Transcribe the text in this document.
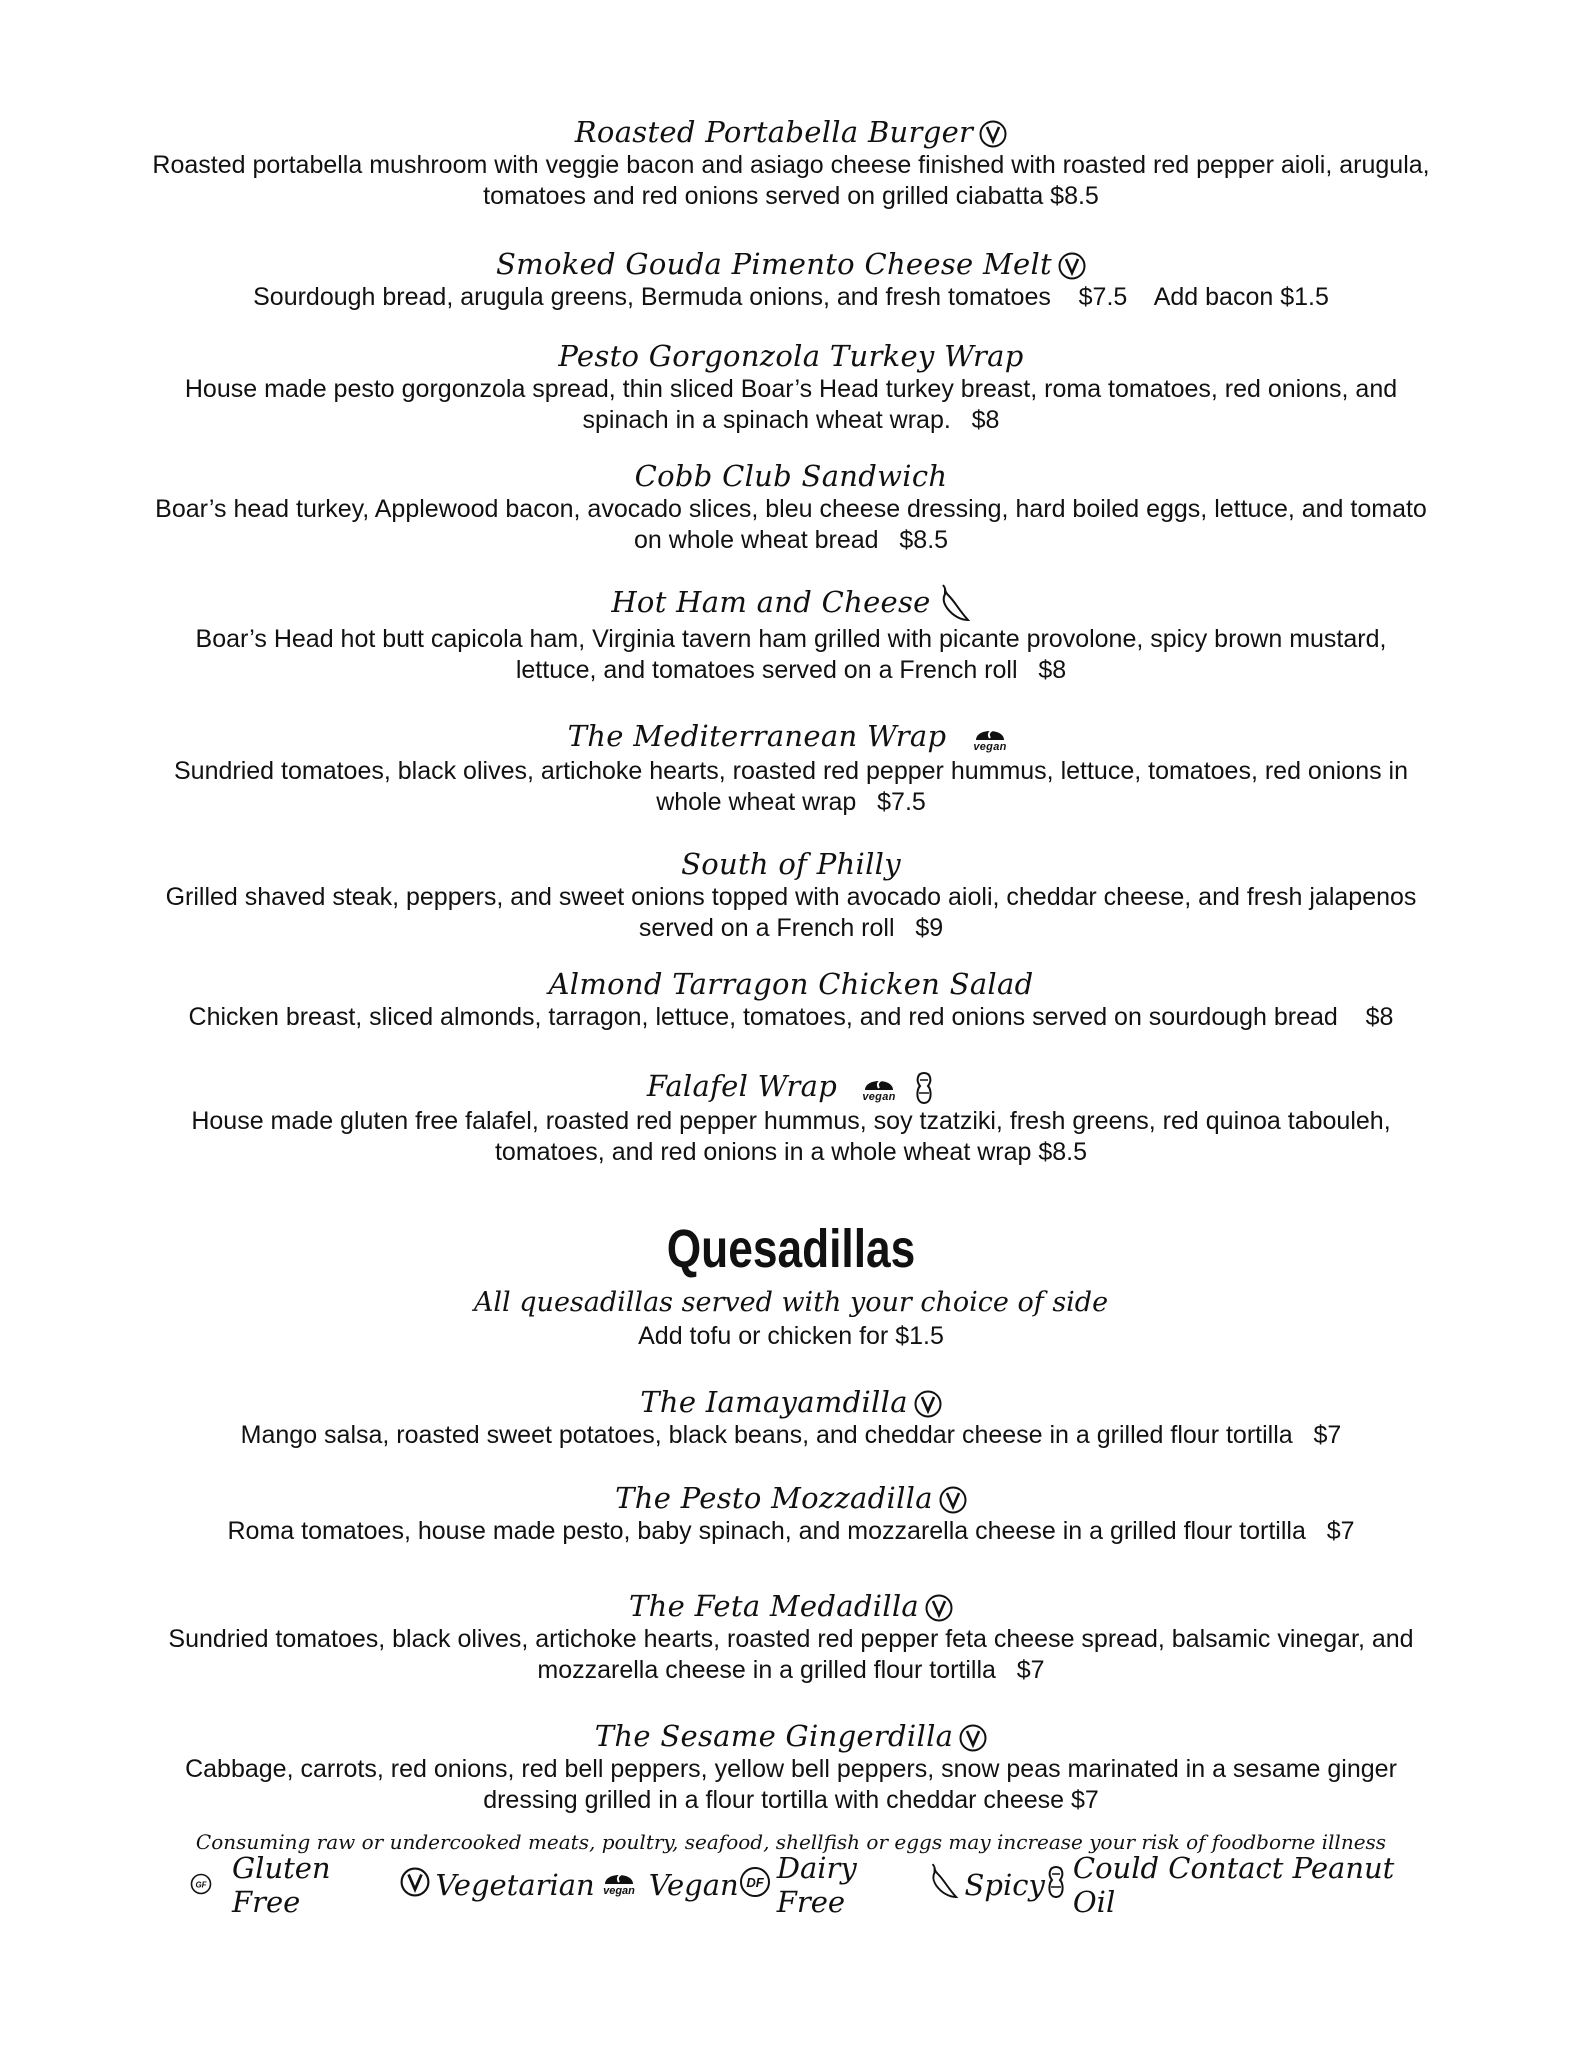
Roasted Portabella Burger
Roasted portabella mushroom with veggie bacon and asiago cheese finished with roasted red pepper aioli, arugula,
tomatoes and red onions served on grilled ciabatta $8.5
Smoked Gouda Pimento Cheese Melt
Sourdough bread, arugula greens, Bermuda onions, and fresh tomatoes    $7.5    Add bacon $1.5
Pesto Gorgonzola Turkey Wrap
House made pesto gorgonzola spread, thin sliced Boar’s Head turkey breast, roma tomatoes, red onions, and
spinach in a spinach wheat wrap.   $8
Cobb Club Sandwich
Boar’s head turkey, Applewood bacon, avocado slices, bleu cheese dressing, hard boiled eggs, lettuce, and tomato
on whole wheat bread   $8.5
Hot Ham and Cheese
Boar’s Head hot butt capicola ham, Virginia tavern ham grilled with picante provolone, spicy brown mustard,
lettuce, and tomatoes served on a French roll   $8
The Mediterranean Wrap vegan
Sundried tomatoes, black olives, artichoke hearts, roasted red pepper hummus, lettuce, tomatoes, red onions in
whole wheat wrap   $7.5
South of Philly
Grilled shaved steak, peppers, and sweet onions topped with avocado aioli, cheddar cheese, and fresh jalapenos
served on a French roll   $9
Almond Tarragon Chicken Salad
Chicken breast, sliced almonds, tarragon, lettuce, tomatoes, and red onions served on sourdough bread    $8
Falafel Wrap vegan
House made gluten free falafel, roasted red pepper hummus, soy tzatziki, fresh greens, red quinoa tabouleh,
tomatoes, and red onions in a whole wheat wrap $8.5
Quesadillas
All quesadillas served with your choice of side
Add tofu or chicken for $1.5
The Iamayamdilla
Mango salsa, roasted sweet potatoes, black beans, and cheddar cheese in a grilled flour tortilla   $7
The Pesto Mozzadilla
Roma tomatoes, house made pesto, baby spinach, and mozzarella cheese in a grilled flour tortilla   $7
The Feta Medadilla
Sundried tomatoes, black olives, artichoke hearts, roasted red pepper feta cheese spread, balsamic vinegar, and
mozzarella cheese in a grilled flour tortilla   $7
The Sesame Gingerdilla
Cabbage, carrots, red onions, red bell peppers, yellow bell peppers, snow peas marinated in a sesame ginger
dressing grilled in a flour tortilla with cheddar cheese $7
Consuming raw or undercooked meats, poultry, seafood, shellfish or eggs may increase your risk of foodborne illness
GF Gluten Free	Vegetarian vegan Vegan DF Dairy Free	Spicy Could Contact Peanut Oil
